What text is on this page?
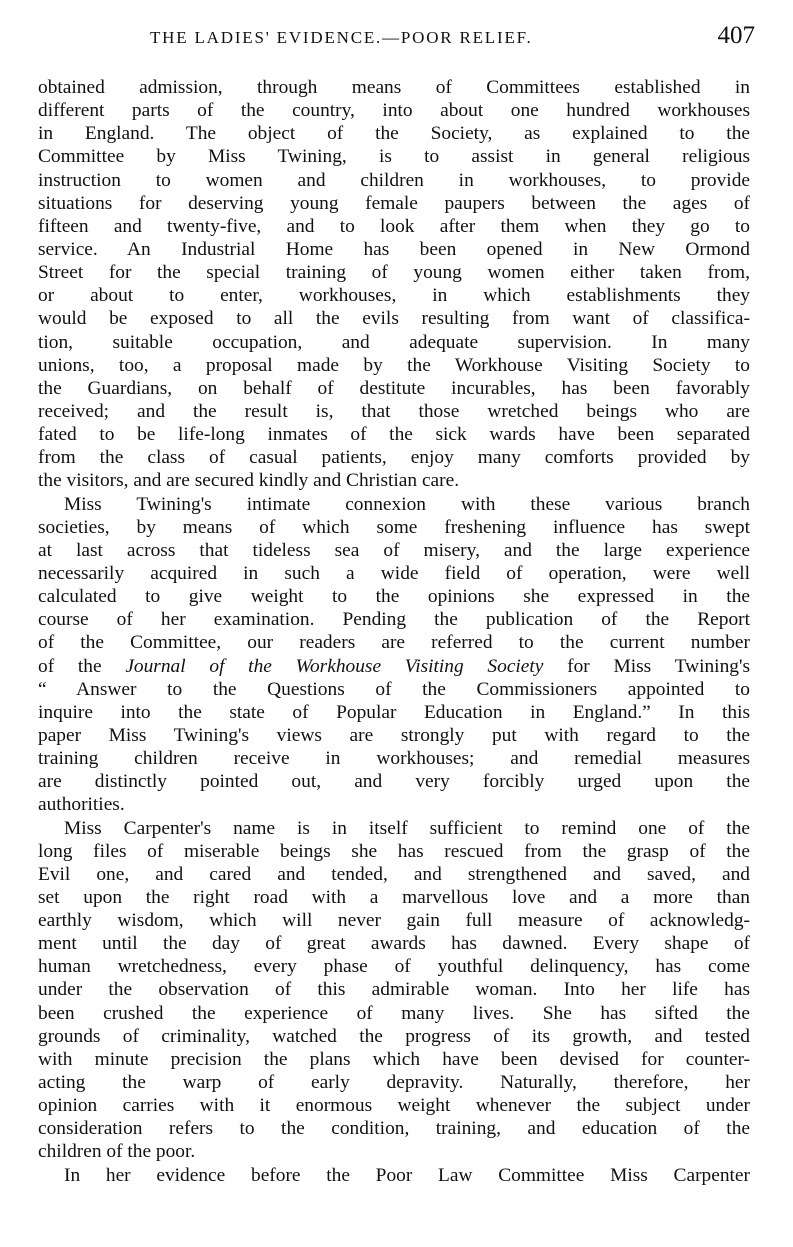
THE LADIES' EVIDENCE.—POOR RELIEF.	407
obtained admission, through means of Committees established in
different parts of the country, into about one hundred workhouses
in England. The object of the Society, as explained to the
Committee by Miss Twining, is to assist in general religious
instruction to women and children in workhouses, to provide
situations for deserving young female paupers between the ages of
fifteen and twenty-five, and to look after them when they go to
service. An Industrial Home has been opened in New Ormond
Street for the special training of young women either taken from,
or about to enter, workhouses, in which establishments they
would be exposed to all the evils resulting from want of classifica-
tion, suitable occupation, and adequate supervision. In many
unions, too, a proposal made by the Workhouse Visiting Society to
the Guardians, on behalf of destitute incurables, has been favorably
received; and the result is, that those wretched beings who are
fated to be life-long inmates of the sick wards have been separated
from the class of casual patients, enjoy many comforts provided by
the visitors, and are secured kindly and Christian care.
Miss Twining's intimate connexion with these various branch
societies, by means of which some freshening influence has swept
at last across that tideless sea of misery, and the large experience
necessarily acquired in such a wide field of operation, were well
calculated to give weight to the opinions she expressed in the
course of her examination. Pending the publication of the Report
of the Committee, our readers are referred to the current number
of the Journal of the Workhouse Visiting Society for Miss Twining's
“ Answer to the Questions of the Commissioners appointed to
inquire into the state of Popular Education in England.” In this
paper Miss Twining's views are strongly put with regard to the
training children receive in workhouses; and remedial measures
are distinctly pointed out, and very forcibly urged upon the
authorities.
Miss Carpenter's name is in itself sufficient to remind one of the
long files of miserable beings she has rescued from the grasp of the
Evil one, and cared and tended, and strengthened and saved, and
set upon the right road with a marvellous love and a more than
earthly wisdom, which will never gain full measure of acknowledg-
ment until the day of great awards has dawned. Every shape of
human wretchedness, every phase of youthful delinquency, has come
under the observation of this admirable woman. Into her life has
been crushed the experience of many lives. She has sifted the
grounds of criminality, watched the progress of its growth, and tested
with minute precision the plans which have been devised for counter-
acting the warp of early depravity. Naturally, therefore, her
opinion carries with it enormous weight whenever the subject under
consideration refers to the condition, training, and education of the
children of the poor.
In her evidence before the Poor Law Committee Miss Carpenter
